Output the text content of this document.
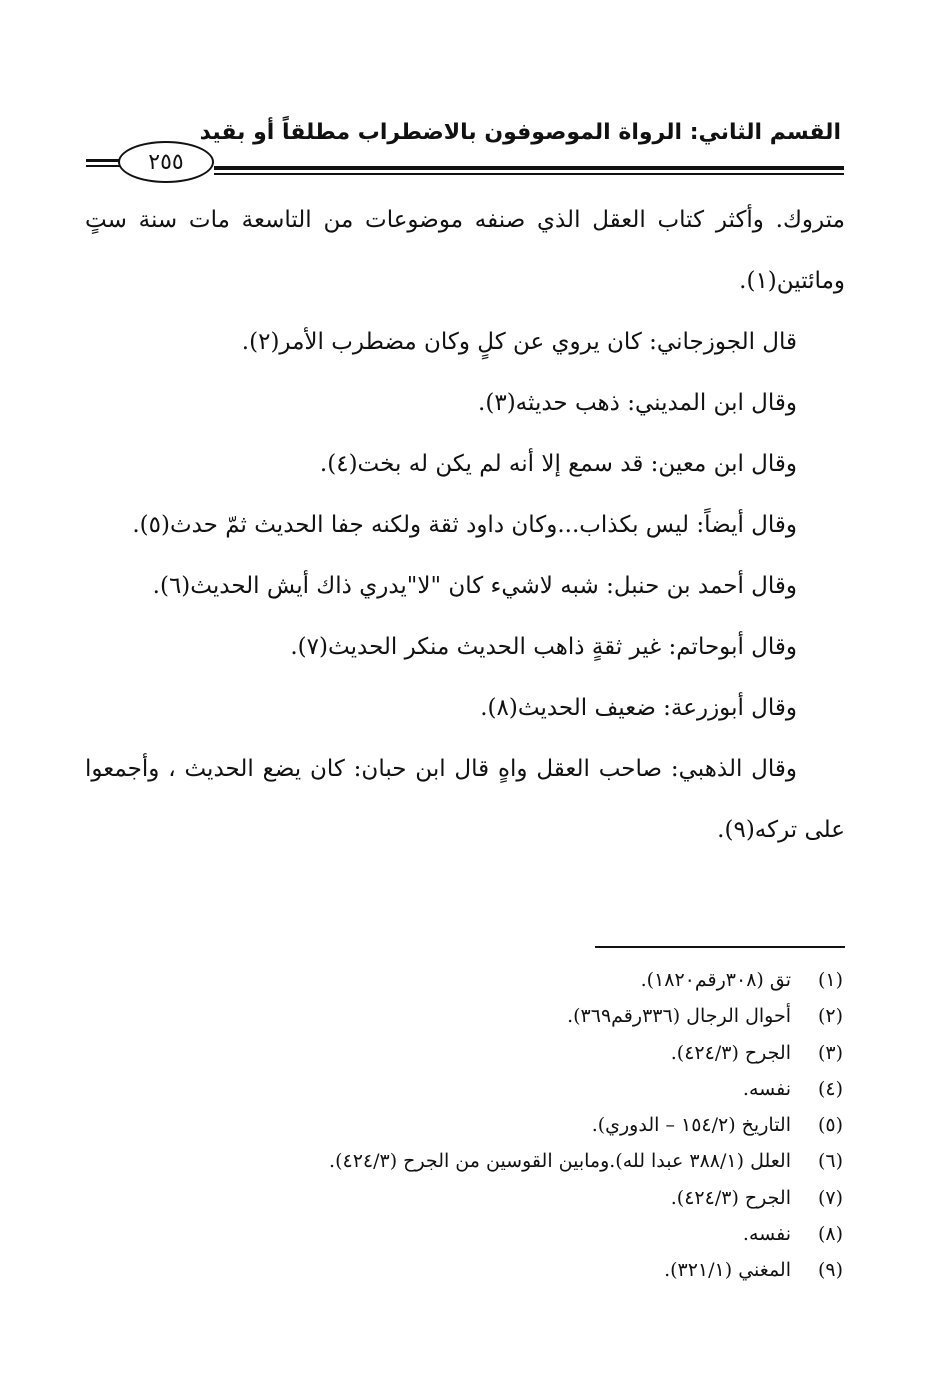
القسم الثاني: الرواة الموصوفون بالاضطراب مطلقاً أو بقيد
٢٥٥

متروك. وأكثر كتاب العقل الذي صنفه موضوعات من التاسعة مات سنة ستٍ ومائتين(١).

قال الجوزجاني: كان يروي عن كلٍ وكان مضطرب الأمر(٢).

وقال ابن المديني: ذهب حديثه(٣).

وقال ابن معين: قد سمع إلا أنه لم يكن له بخت(٤).

وقال أيضاً: ليس بكذاب...وكان داود ثقة ولكنه جفا الحديث ثمّ حدث(٥).

وقال أحمد بن حنبل: شبه لاشيء كان "لا"يدري ذاك أيش الحديث(٦).

وقال أبوحاتم: غير ثقةٍ ذاهب الحديث منكر الحديث(٧).

وقال أبوزرعة: ضعيف الحديث(٨).

وقال الذهبي: صاحب العقل واهٍ قال ابن حبان: كان يضع الحديث ، وأجمعوا على تركه(٩).

(١)تق (٣٠٨رقم١٨٢٠).
(٢)أحوال الرجال (٣٣٦رقم٣٦٩).
(٣)الجرح (٤٢٤/٣).
(٤)نفسه.
(٥)التاريخ (١٥٤/٢ – الدوري).
(٦)العلل (٣٨٨/١ عبدا لله).ومابين القوسين من الجرح (٤٢٤/٣).
(٧)الجرح (٤٢٤/٣).
(٨)نفسه.
(٩)المغني (٣٢١/١).
